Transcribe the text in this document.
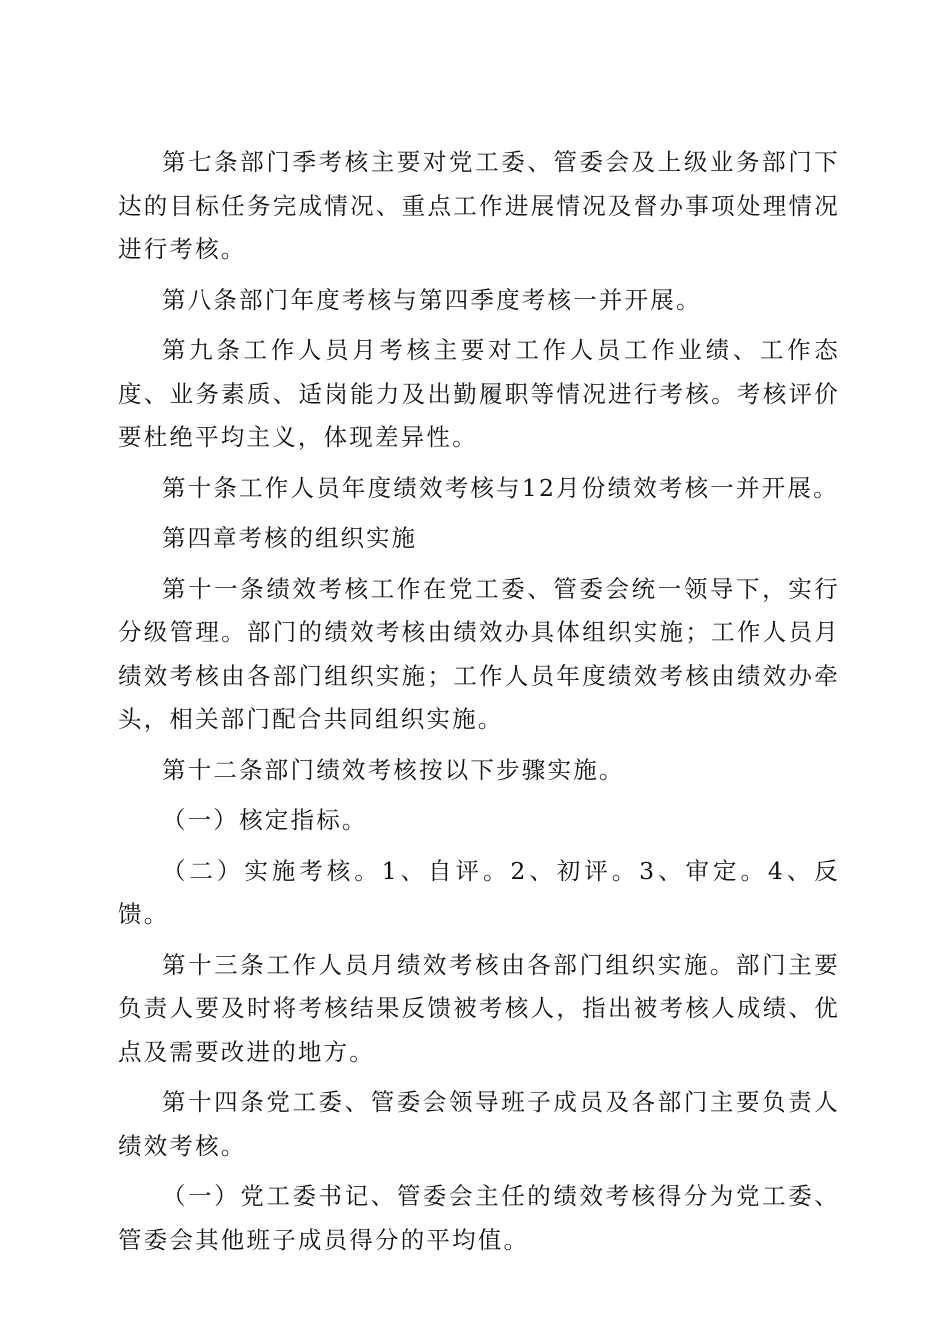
第七条部门季考核主要对党工委、管委会及上级业务部门下达的目标任务完成情况、重点工作进展情况及督办事项处理情况进行考核。

第八条部门年度考核与第四季度考核一并开展。

第九条工作人员月考核主要对工作人员工作业绩、工作态度、业务素质、适岗能力及出勤履职等情况进行考核。考核评价要杜绝平均主义，体现差异性。

第十条工作人员年度绩效考核与12月份绩效考核一并开展。

第四章考核的组织实施

第十一条绩效考核工作在党工委、管委会统一领导下，实行分级管理。部门的绩效考核由绩效办具体组织实施；工作人员月绩效考核由各部门组织实施；工作人员年度绩效考核由绩效办牵头，相关部门配合共同组织实施。

第十二条部门绩效考核按以下步骤实施。

（一）核定指标。

（二）实施考核。1、自评。2、初评。3、审定。4、反馈。

第十三条工作人员月绩效考核由各部门组织实施。部门主要负责人要及时将考核结果反馈被考核人，指出被考核人成绩、优点及需要改进的地方。

第十四条党工委、管委会领导班子成员及各部门主要负责人绩效考核。

（一）党工委书记、管委会主任的绩效考核得分为党工委、管委会其他班子成员得分的平均值。
